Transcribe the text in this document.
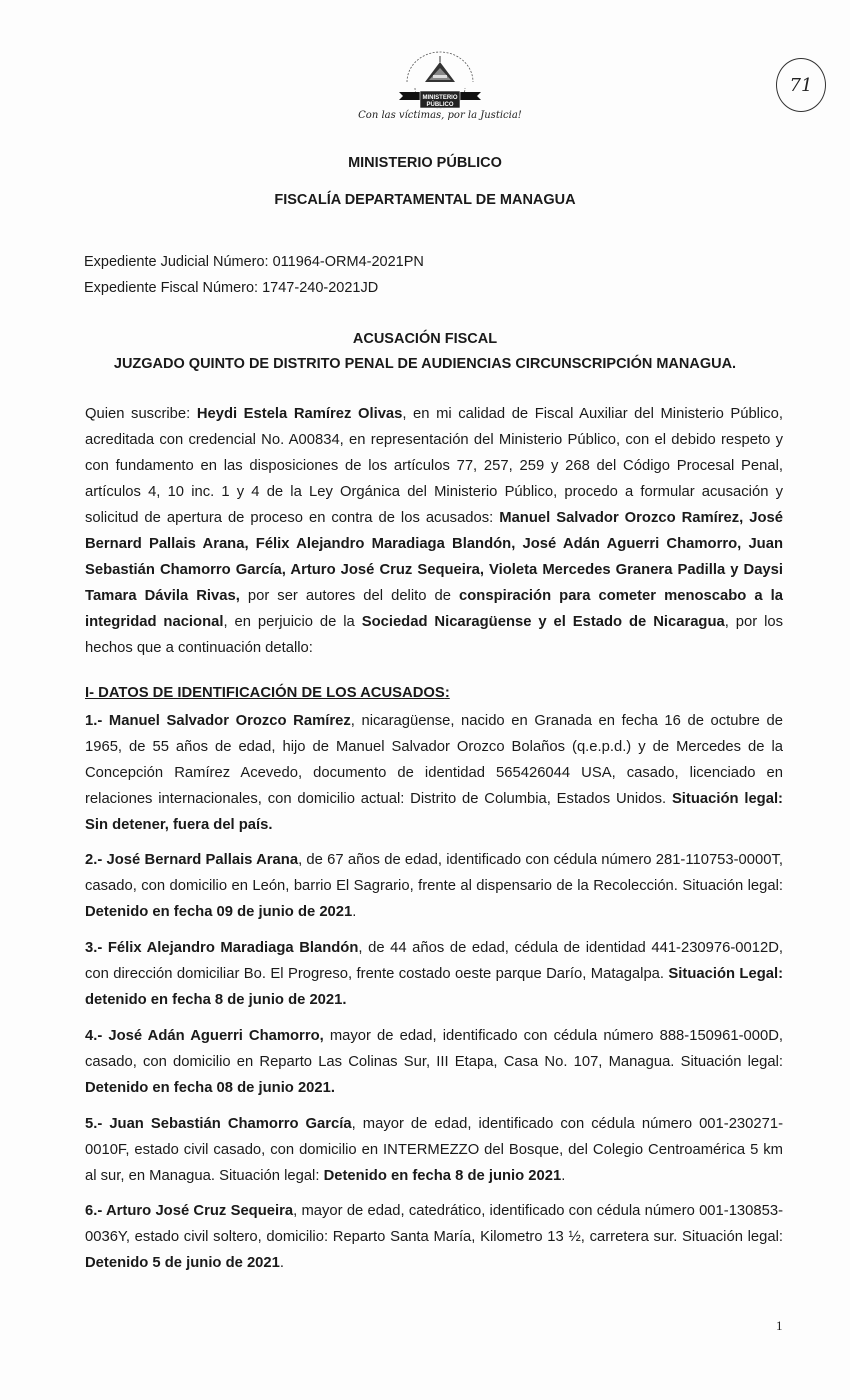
MINISTERIO
PÚBLICO
Con las víctimas, por la Justicia!
71
MINISTERIO PÚBLICO
FISCALÍA DEPARTAMENTAL DE MANAGUA
Expediente Judicial Número: 011964-ORM4-2021PN
Expediente Fiscal Número: 1747-240-2021JD
ACUSACIÓN FISCAL
JUZGADO QUINTO DE DISTRITO PENAL DE AUDIENCIAS CIRCUNSCRIPCIÓN MANAGUA.
Quien suscribe: Heydi Estela Ramírez Olivas, en mi calidad de Fiscal Auxiliar del Ministerio Público, acreditada con credencial No. A00834, en representación del Ministerio Público, con el debido respeto y con fundamento en las disposiciones de los artículos 77, 257, 259 y 268 del Código Procesal Penal, artículos 4, 10 inc. 1 y 4 de la Ley Orgánica del Ministerio Público, procedo a formular acusación y solicitud de apertura de proceso en contra de los acusados: Manuel Salvador Orozco Ramírez, José Bernard Pallais Arana, Félix Alejandro Maradiaga Blandón, José Adán Aguerri Chamorro, Juan Sebastián Chamorro García, Arturo José Cruz Sequeira, Violeta Mercedes Granera Padilla y Daysi Tamara Dávila Rivas, por ser autores del delito de conspiración para cometer menoscabo a la integridad nacional, en perjuicio de la Sociedad Nicaragüense y el Estado de Nicaragua, por los hechos que a continuación detallo:
I- DATOS DE IDENTIFICACIÓN DE LOS ACUSADOS:
1.- Manuel Salvador Orozco Ramírez, nicaragüense, nacido en Granada en fecha 16 de octubre de 1965, de 55 años de edad, hijo de Manuel Salvador Orozco Bolaños (q.e.p.d.) y de Mercedes de la Concepción Ramírez Acevedo, documento de identidad 565426044 USA, casado, licenciado en relaciones internacionales, con domicilio actual: Distrito de Columbia, Estados Unidos. Situación legal: Sin detener, fuera del país.
2.- José Bernard Pallais Arana, de 67 años de edad, identificado con cédula número 281-110753-0000T, casado, con domicilio en León, barrio El Sagrario, frente al dispensario de la Recolección. Situación legal: Detenido en fecha 09 de junio de 2021.
3.- Félix Alejandro Maradiaga Blandón, de 44 años de edad, cédula de identidad 441-230976-0012D, con dirección domiciliar Bo. El Progreso, frente costado oeste parque Darío, Matagalpa. Situación Legal: detenido en fecha 8 de junio de 2021.
4.- José Adán Aguerri Chamorro, mayor de edad, identificado con cédula número 888-150961-000D, casado, con domicilio en Reparto Las Colinas Sur, III Etapa, Casa No. 107, Managua. Situación legal: Detenido en fecha 08 de junio 2021.
5.- Juan Sebastián Chamorro García, mayor de edad, identificado con cédula número 001-230271-0010F, estado civil casado, con domicilio en INTERMEZZO del Bosque, del Colegio Centroamérica 5 km al sur, en Managua. Situación legal: Detenido en fecha 8 de junio 2021.
6.- Arturo José Cruz Sequeira, mayor de edad, catedrático, identificado con cédula número 001-130853-0036Y, estado civil soltero, domicilio: Reparto Santa María, Kilometro 13 ½, carretera sur. Situación legal: Detenido 5 de junio de 2021.
1
